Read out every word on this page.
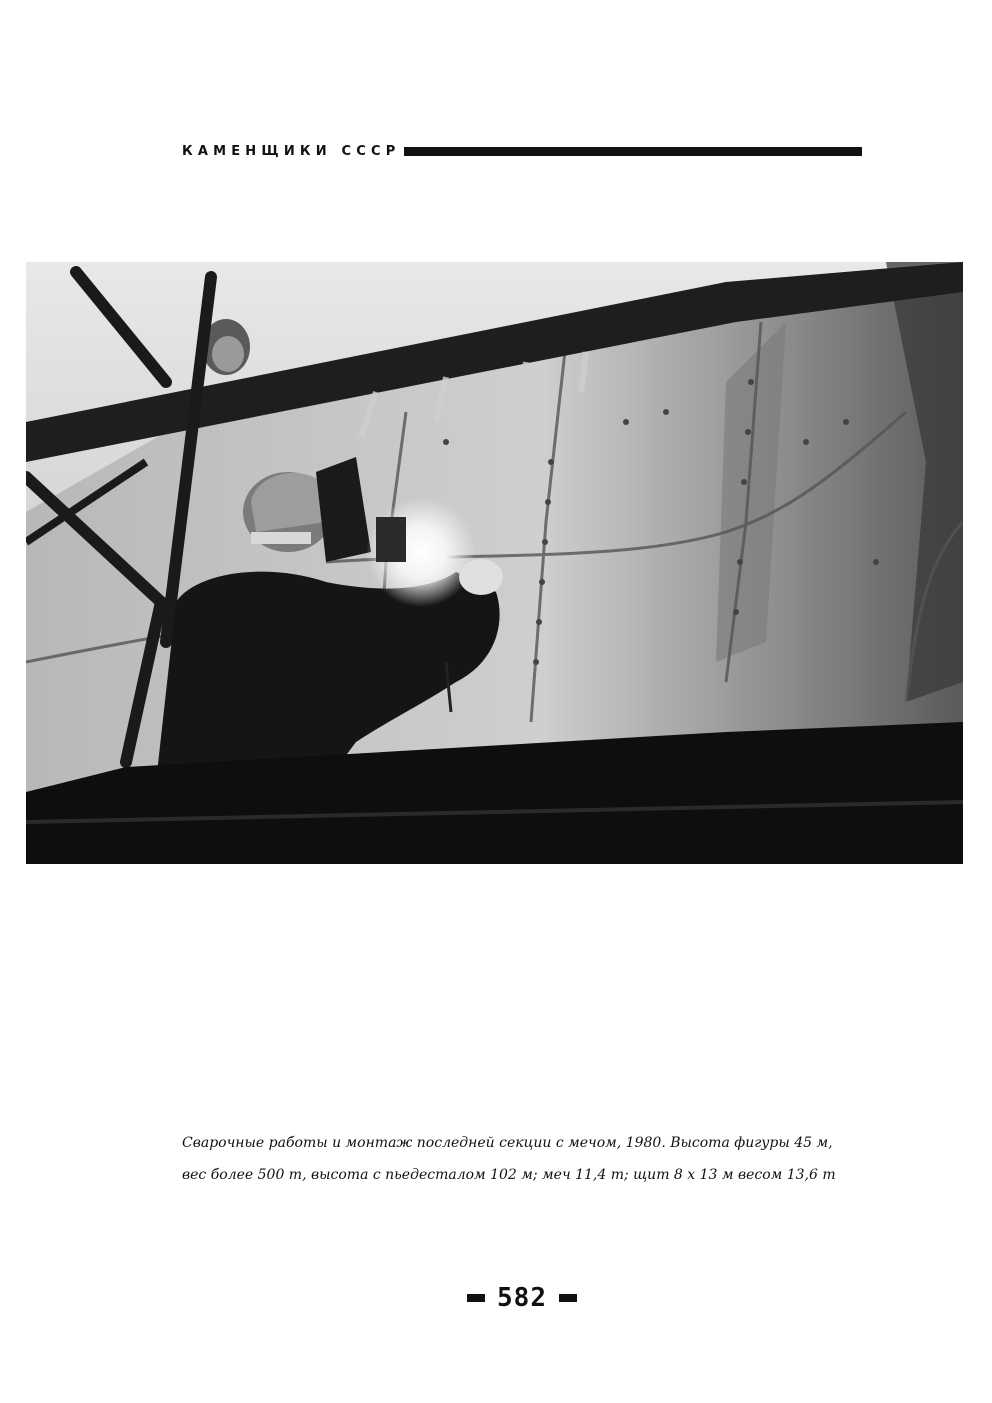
КАМЕНЩИКИ СССР
Сварочные работы и монтаж последней секции с мечом, 1980. Высота фигуры 45 м,
вес более 500 т, высота с пьедесталом 102 м; меч 11,4 т; щит 8 х 13 м весом 13,6 т
582
